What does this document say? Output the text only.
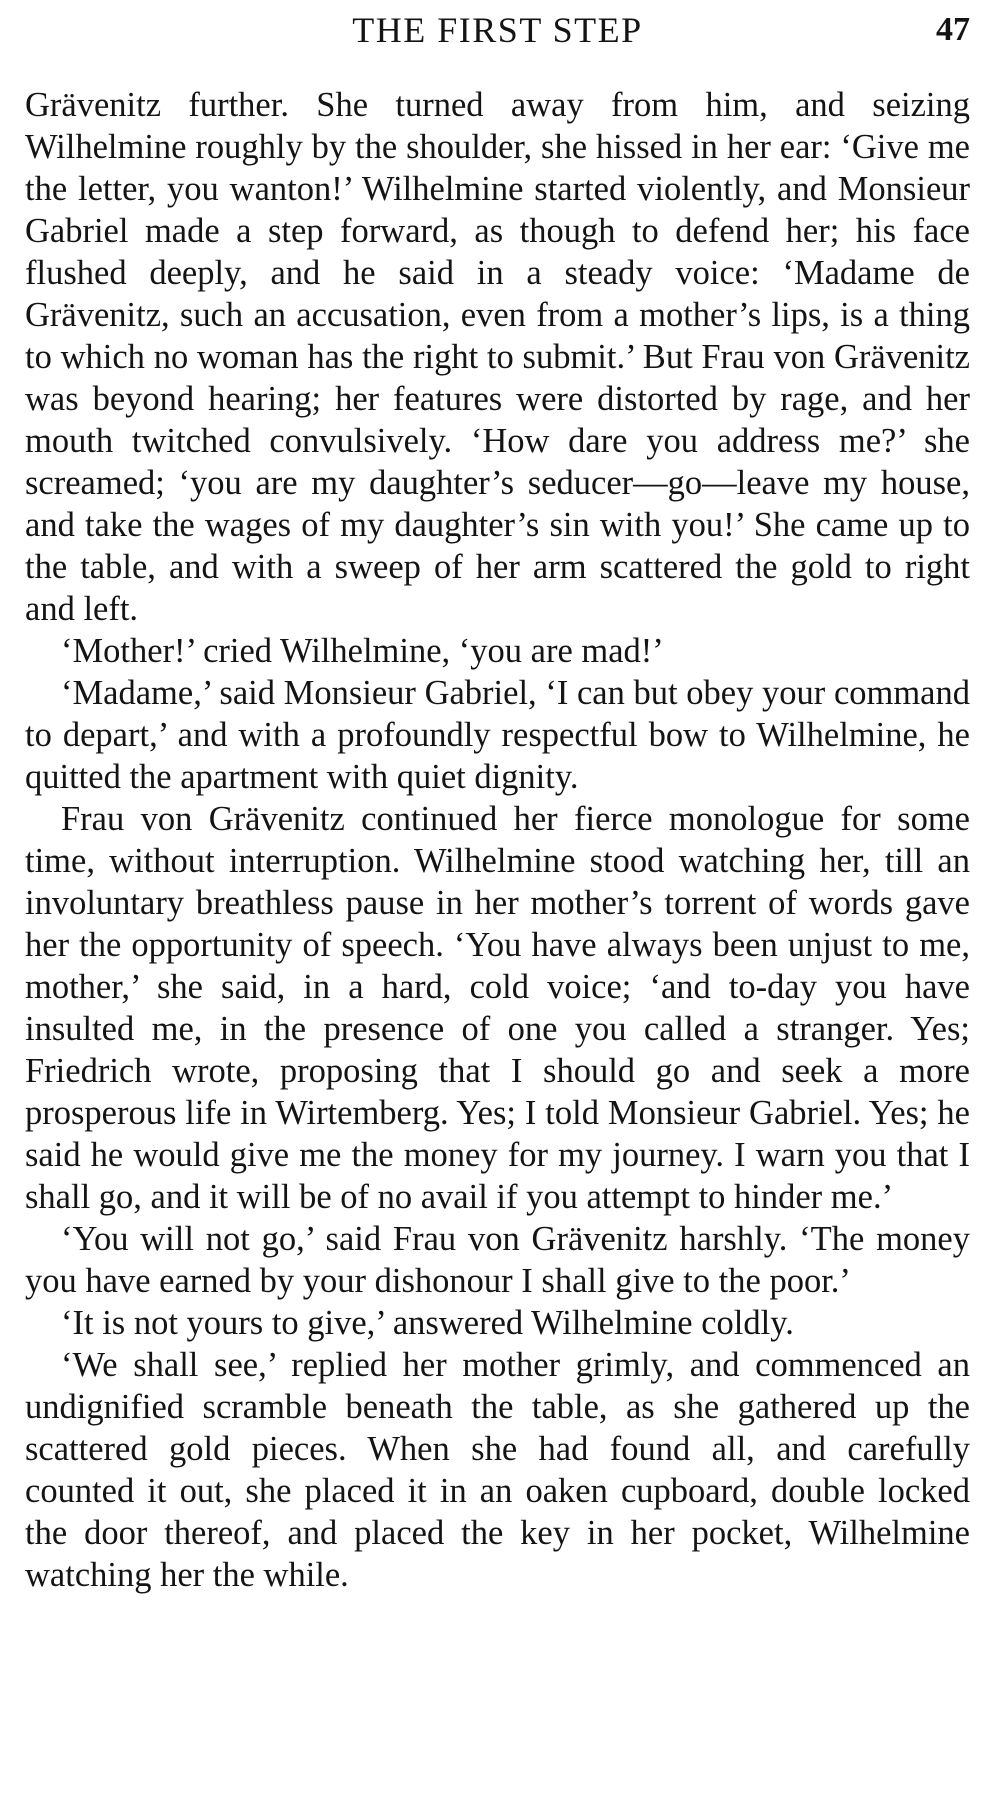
THE FIRST STEP	47

Grävenitz further. She turned away from him, and seizing Wilhelmine roughly by the shoulder, she hissed in her ear: ‘Give me the letter, you wanton!’ Wilhelmine started violently, and Monsieur Gabriel made a step forward, as though to defend her; his face flushed deeply, and he said in a steady voice: ‘Madame de Grävenitz, such an accusation, even from a mother’s lips, is a thing to which no woman has the right to submit.’ But Frau von Grävenitz was beyond hearing; her features were distorted by rage, and her mouth twitched convulsively. ‘How dare you address me?’ she screamed; ‘you are my daughter’s seducer—go—leave my house, and take the wages of my daughter’s sin with you!’ She came up to the table, and with a sweep of her arm scattered the gold to right and left.

‘Mother!’ cried Wilhelmine, ‘you are mad!’

‘Madame,’ said Monsieur Gabriel, ‘I can but obey your command to depart,’ and with a profoundly respectful bow to Wilhelmine, he quitted the apartment with quiet dignity.

Frau von Grävenitz continued her fierce monologue for some time, without interruption. Wilhelmine stood watching her, till an involuntary breathless pause in her mother’s torrent of words gave her the opportunity of speech. ‘You have always been unjust to me, mother,’ she said, in a hard, cold voice; ‘and to-day you have insulted me, in the presence of one you called a stranger. Yes; Friedrich wrote, proposing that I should go and seek a more prosperous life in Wirtemberg. Yes; I told Monsieur Gabriel. Yes; he said he would give me the money for my journey. I warn you that I shall go, and it will be of no avail if you attempt to hinder me.’

‘You will not go,’ said Frau von Grävenitz harshly. ‘The money you have earned by your dishonour I shall give to the poor.’

‘It is not yours to give,’ answered Wilhelmine coldly.

‘We shall see,’ replied her mother grimly, and commenced an undignified scramble beneath the table, as she gathered up the scattered gold pieces. When she had found all, and carefully counted it out, she placed it in an oaken cupboard, double locked the door thereof, and placed the key in her pocket, Wilhelmine watching her the while.
